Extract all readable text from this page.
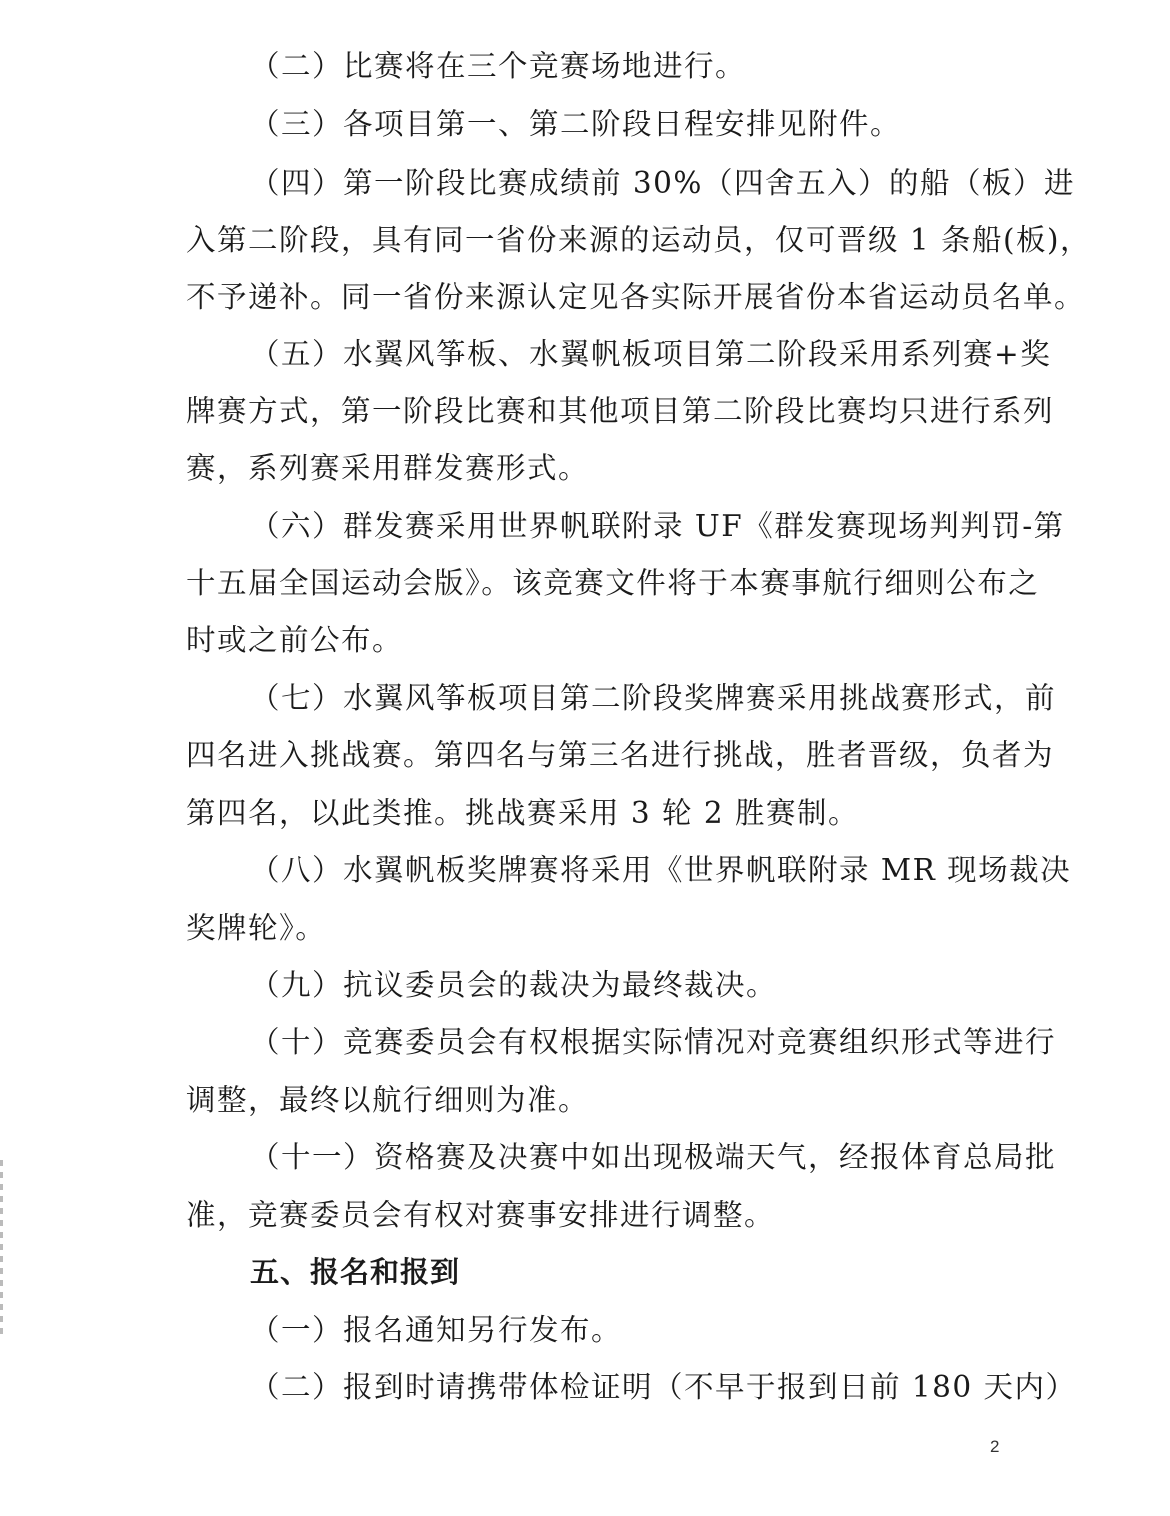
（二）比赛将在三个竞赛场地进行。
（三）各项目第一、第二阶段日程安排见附件。
（四）第一阶段比赛成绩前 30%（四舍五入）的船（板）进
入第二阶段，具有同一省份来源的运动员，仅可晋级 1 条船(板)，
不予递补。同一省份来源认定见各实际开展省份本省运动员名单。
（五）水翼风筝板、水翼帆板项目第二阶段采用系列赛+奖
牌赛方式，第一阶段比赛和其他项目第二阶段比赛均只进行系列
赛，系列赛采用群发赛形式。
（六）群发赛采用世界帆联附录 UF《群发赛现场判判罚-第
十五届全国运动会版》。该竞赛文件将于本赛事航行细则公布之
时或之前公布。
（七）水翼风筝板项目第二阶段奖牌赛采用挑战赛形式，前
四名进入挑战赛。第四名与第三名进行挑战，胜者晋级，负者为
第四名，以此类推。挑战赛采用 3 轮 2 胜赛制。
（八）水翼帆板奖牌赛将采用《世界帆联附录 MR 现场裁决
奖牌轮》。
（九）抗议委员会的裁决为最终裁决。
（十）竞赛委员会有权根据实际情况对竞赛组织形式等进行
调整，最终以航行细则为准。
（十一）资格赛及决赛中如出现极端天气，经报体育总局批
准，竞赛委员会有权对赛事安排进行调整。
五、报名和报到
（一）报名通知另行发布。
（二）报到时请携带体检证明（不早于报到日前 180 天内）
2
